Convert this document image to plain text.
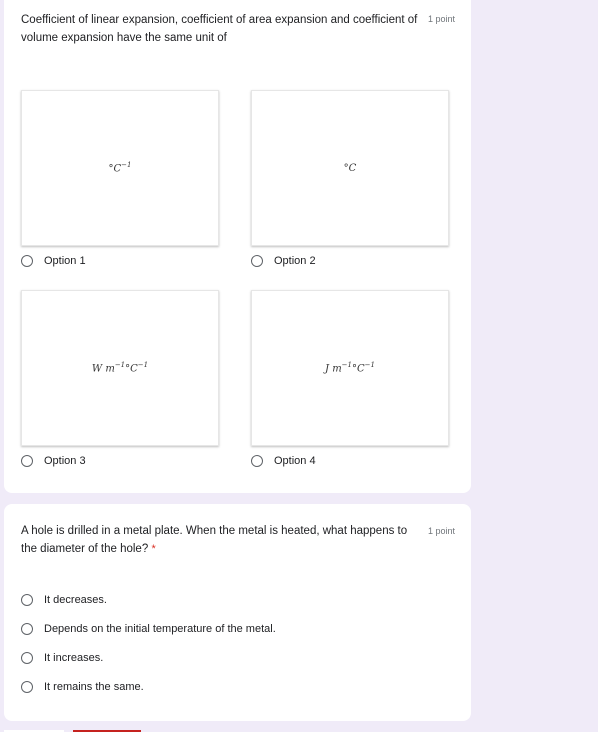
Coefficient of linear expansion, coefficient of area expansion and coefficient of volume expansion have the same unit of
1 point
$^\circ C^{-1}$
Option 1
°C
Option 2
W $m^{-1}^\circ C^{-1}$
Option 3
J $m^{-1}^\circ C^{-1}$
Option 4
A hole is drilled in a metal plate. When the metal is heated, what happens to the diameter of the hole? *
1 point
It decreases.
Depends on the initial temperature of the metal.
It increases.
It remains the same.
